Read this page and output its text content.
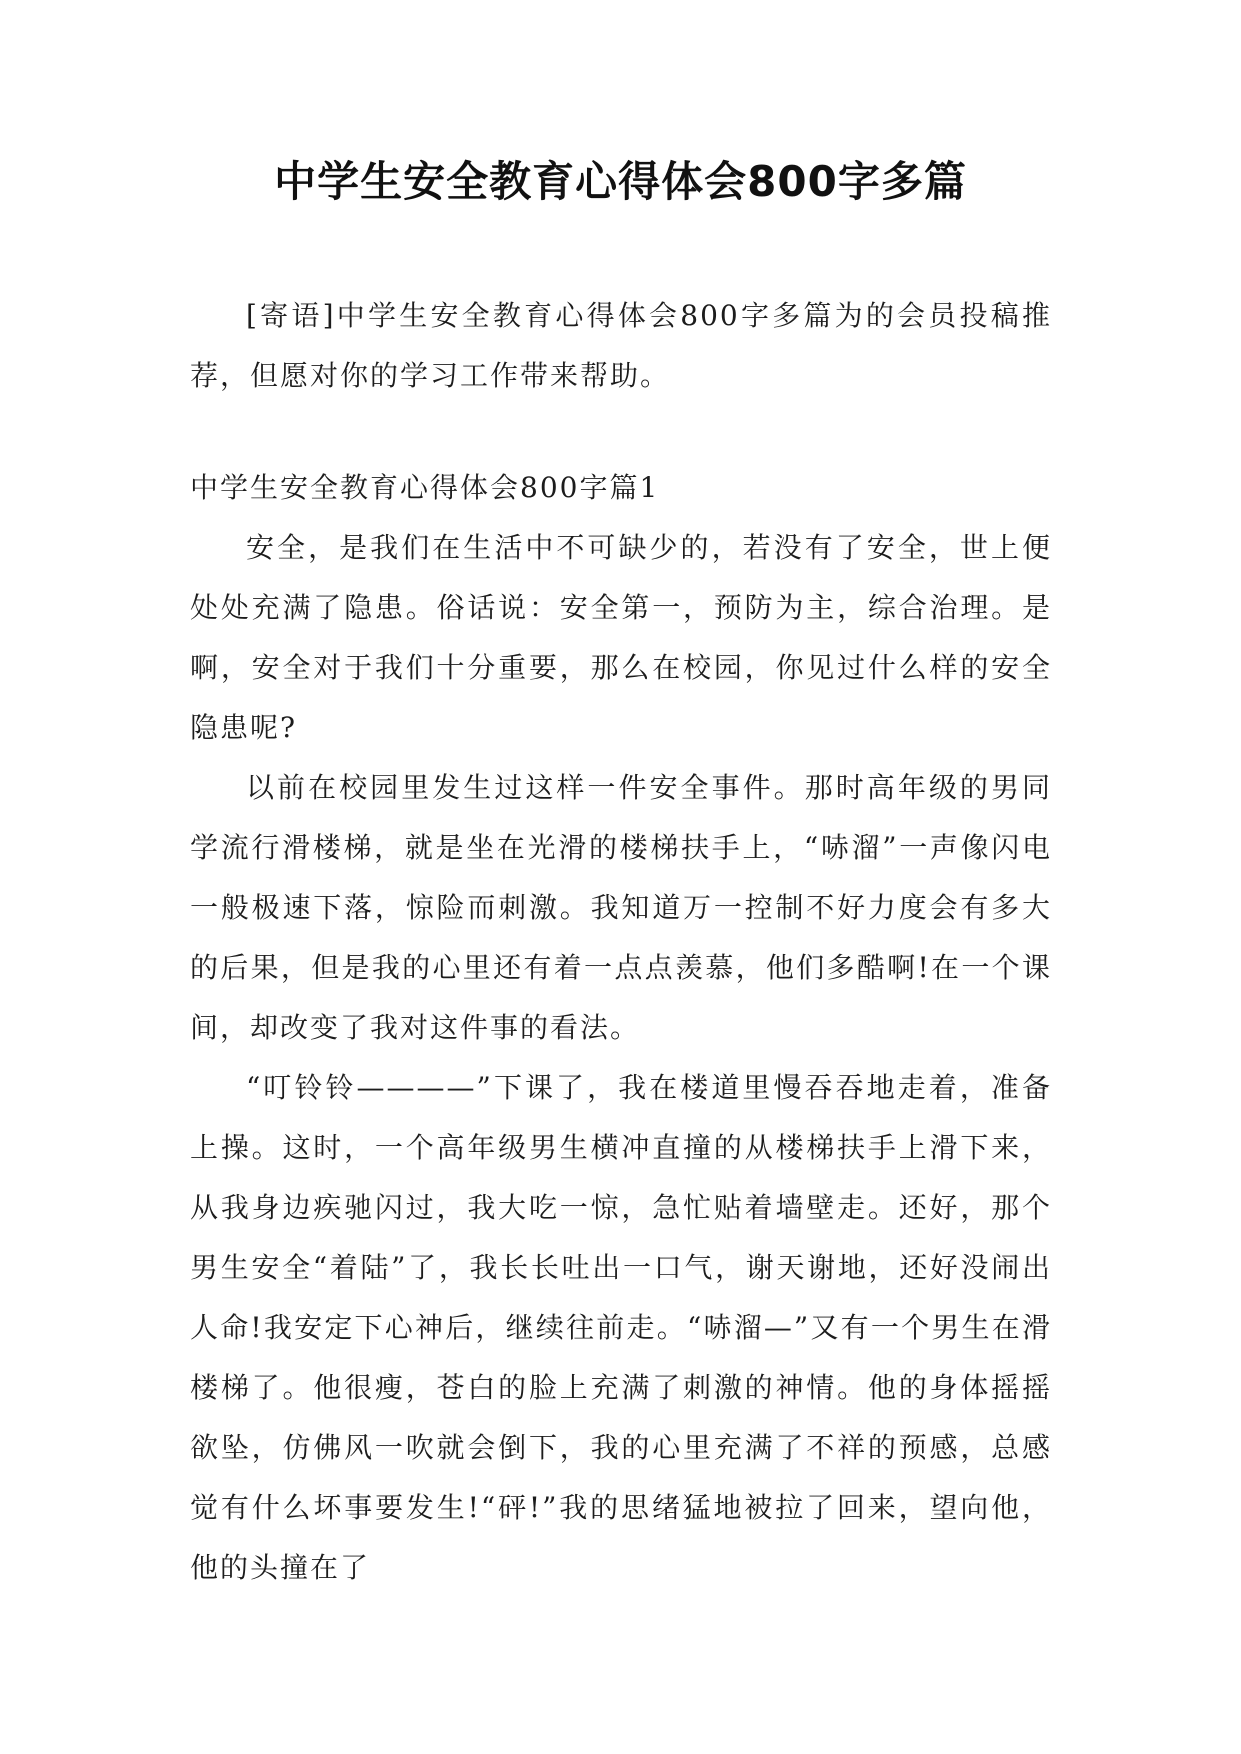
中学生安全教育心得体会800字多篇

[寄语]中学生安全教育心得体会800字多篇为的会员投稿推荐，但愿对你的学习工作带来帮助。

中学生安全教育心得体会800字篇1

安全，是我们在生活中不可缺少的，若没有了安全，世上便处处充满了隐患。俗话说：安全第一，预防为主，综合治理。是啊，安全对于我们十分重要，那么在校园，你见过什么样的安全隐患呢?

以前在校园里发生过这样一件安全事件。那时高年级的男同学流行滑楼梯，就是坐在光滑的楼梯扶手上，“哧溜”一声像闪电一般极速下落，惊险而刺激。我知道万一控制不好力度会有多大的后果，但是我的心里还有着一点点羡慕，他们多酷啊!在一个课间，却改变了我对这件事的看法。

“叮铃铃————”下课了，我在楼道里慢吞吞地走着，准备上操。这时，一个高年级男生横冲直撞的从楼梯扶手上滑下来，从我身边疾驰闪过，我大吃一惊，急忙贴着墙壁走。还好，那个男生安全“着陆”了，我长长吐出一口气，谢天谢地，还好没闹出人命!我安定下心神后，继续往前走。“哧溜—”又有一个男生在滑楼梯了。他很瘦，苍白的脸上充满了刺激的神情。他的身体摇摇欲坠，仿佛风一吹就会倒下，我的心里充满了不祥的预感，总感觉有什么坏事要发生!“砰!”我的思绪猛地被拉了回来，望向他，他的头撞在了
